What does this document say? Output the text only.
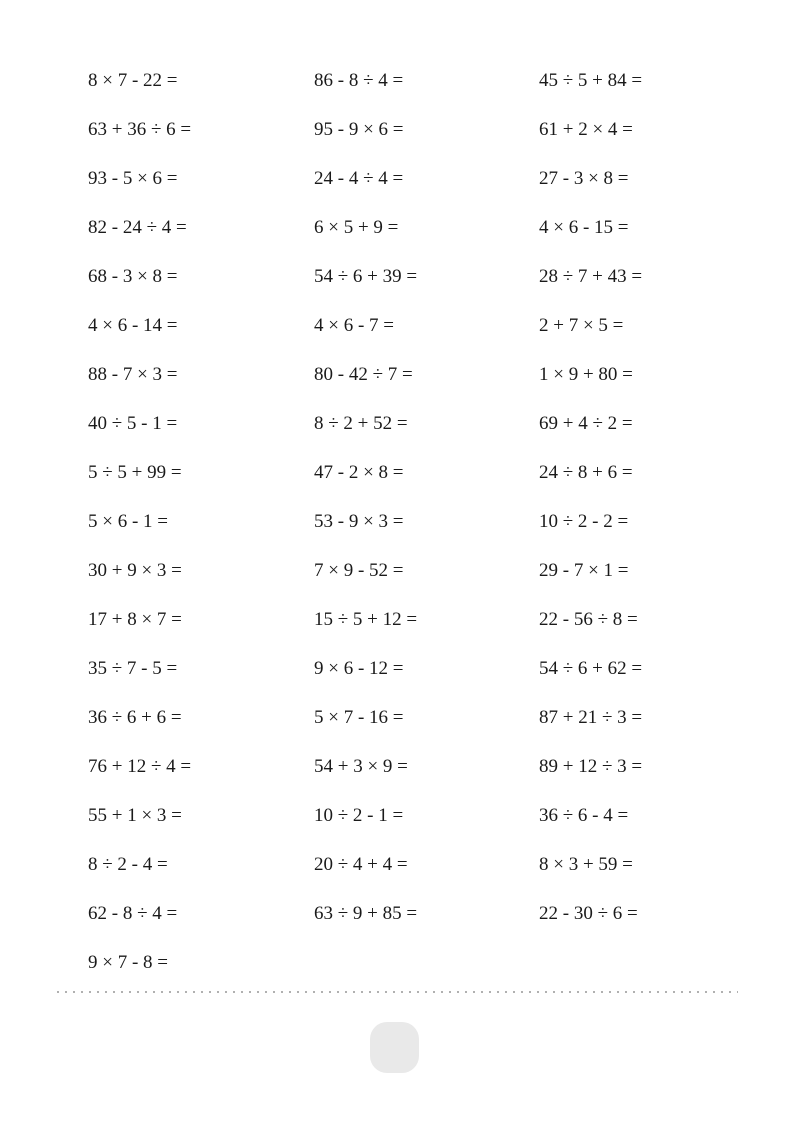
8 × 7 - 22 =
63 + 36 ÷ 6 =
93 - 5 × 6 =
82 - 24 ÷ 4 =
68 - 3 × 8 =
4 × 6 - 14 =
88 - 7 × 3 =
40 ÷ 5 - 1 =
5 ÷ 5 + 99 =
5 × 6 - 1 =
30 + 9 × 3 =
17 + 8 × 7 =
35 ÷ 7 - 5 =
36 ÷ 6 + 6 =
76 + 12 ÷ 4 =
55 + 1 × 3 =
8 ÷ 2 - 4 =
62 - 8 ÷ 4 =
9 × 7 - 8 =
86 - 8 ÷ 4 =
95 - 9 × 6 =
24 - 4 ÷ 4 =
6 × 5 + 9 =
54 ÷ 6 + 39 =
4 × 6 - 7 =
80 - 42 ÷ 7 =
8 ÷ 2 + 52 =
47 - 2 × 8 =
53 - 9 × 3 =
7 × 9 - 52 =
15 ÷ 5 + 12 =
9 × 6 - 12 =
5 × 7 - 16 =
54 + 3 × 9 =
10 ÷ 2 - 1 =
20 ÷ 4 + 4 =
63 ÷ 9 + 85 =
45 ÷ 5 + 84 =
61 + 2 × 4 =
27 - 3 × 8 =
4 × 6 - 15 =
28 ÷ 7 + 43 =
2 + 7 × 5 =
1 × 9 + 80 =
69 + 4 ÷ 2 =
24 ÷ 8 + 6 =
10 ÷ 2 - 2 =
29 - 7 × 1 =
22 - 56 ÷ 8 =
54 ÷ 6 + 62 =
87 + 21 ÷ 3 =
89 + 12 ÷ 3 =
36 ÷ 6 - 4 =
8 × 3 + 59 =
22 - 30 ÷ 6 =
